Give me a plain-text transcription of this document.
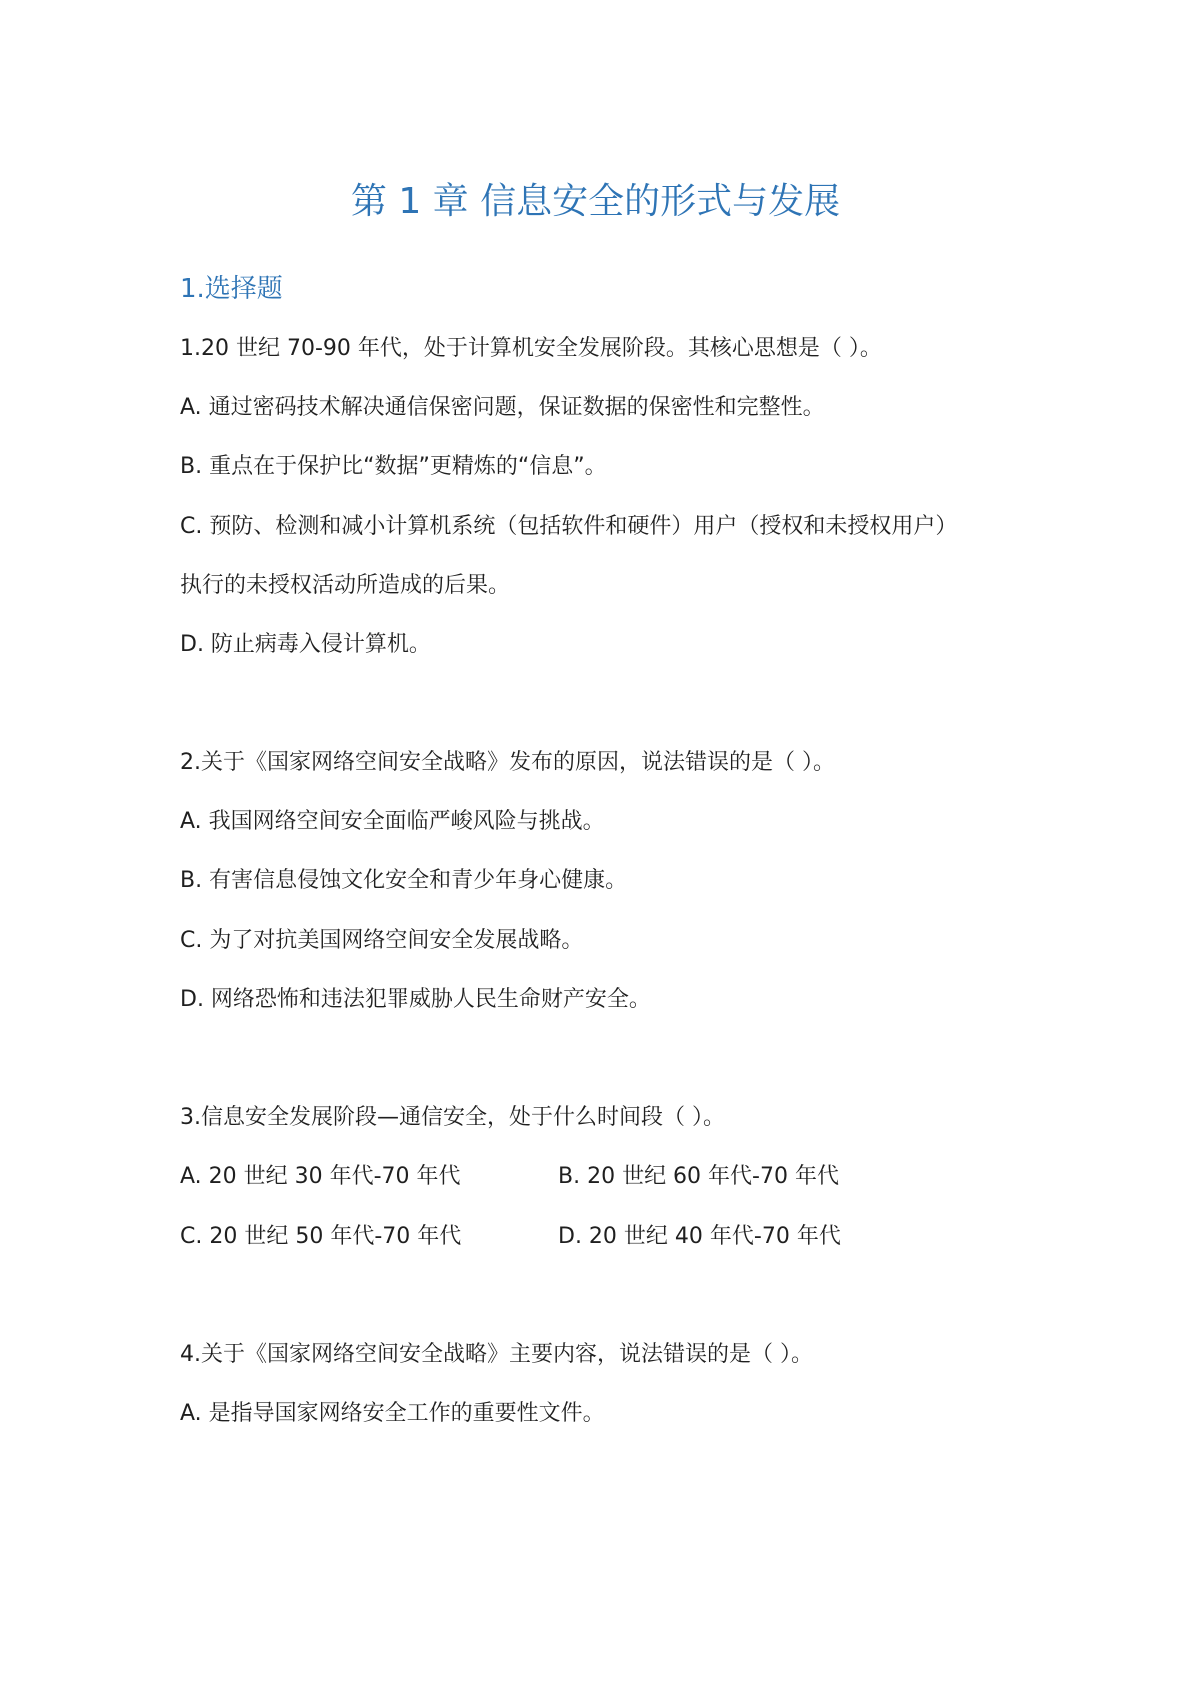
第 1 章 信息安全的形式与发展
1.选择题

1.20 世纪 70-90 年代，处于计算机安全发展阶段。其核心思想是（ ）。

A. 通过密码技术解决通信保密问题，保证数据的保密性和完整性。

B. 重点在于保护比“数据”更精炼的“信息”。

C. 预防、检测和减小计算机系统（包括软件和硬件）用户（授权和未授权用户）

执行的未授权活动所造成的后果。

D. 防止病毒入侵计算机。

2.关于《国家网络空间安全战略》发布的原因，说法错误的是（ ）。

A. 我国网络空间安全面临严峻风险与挑战。

B. 有害信息侵蚀文化安全和青少年身心健康。

C. 为了对抗美国网络空间安全发展战略。

D. 网络恐怖和违法犯罪威胁人民生命财产安全。

3.信息安全发展阶段—通信安全，处于什么时间段（ ）。

A. 20 世纪 30 年代-70 年代	B. 20 世纪 60 年代-70 年代

C. 20 世纪 50 年代-70 年代	D. 20 世纪 40 年代-70 年代

4.关于《国家网络空间安全战略》主要内容，说法错误的是（ ）。

A. 是指导国家网络安全工作的重要性文件。
